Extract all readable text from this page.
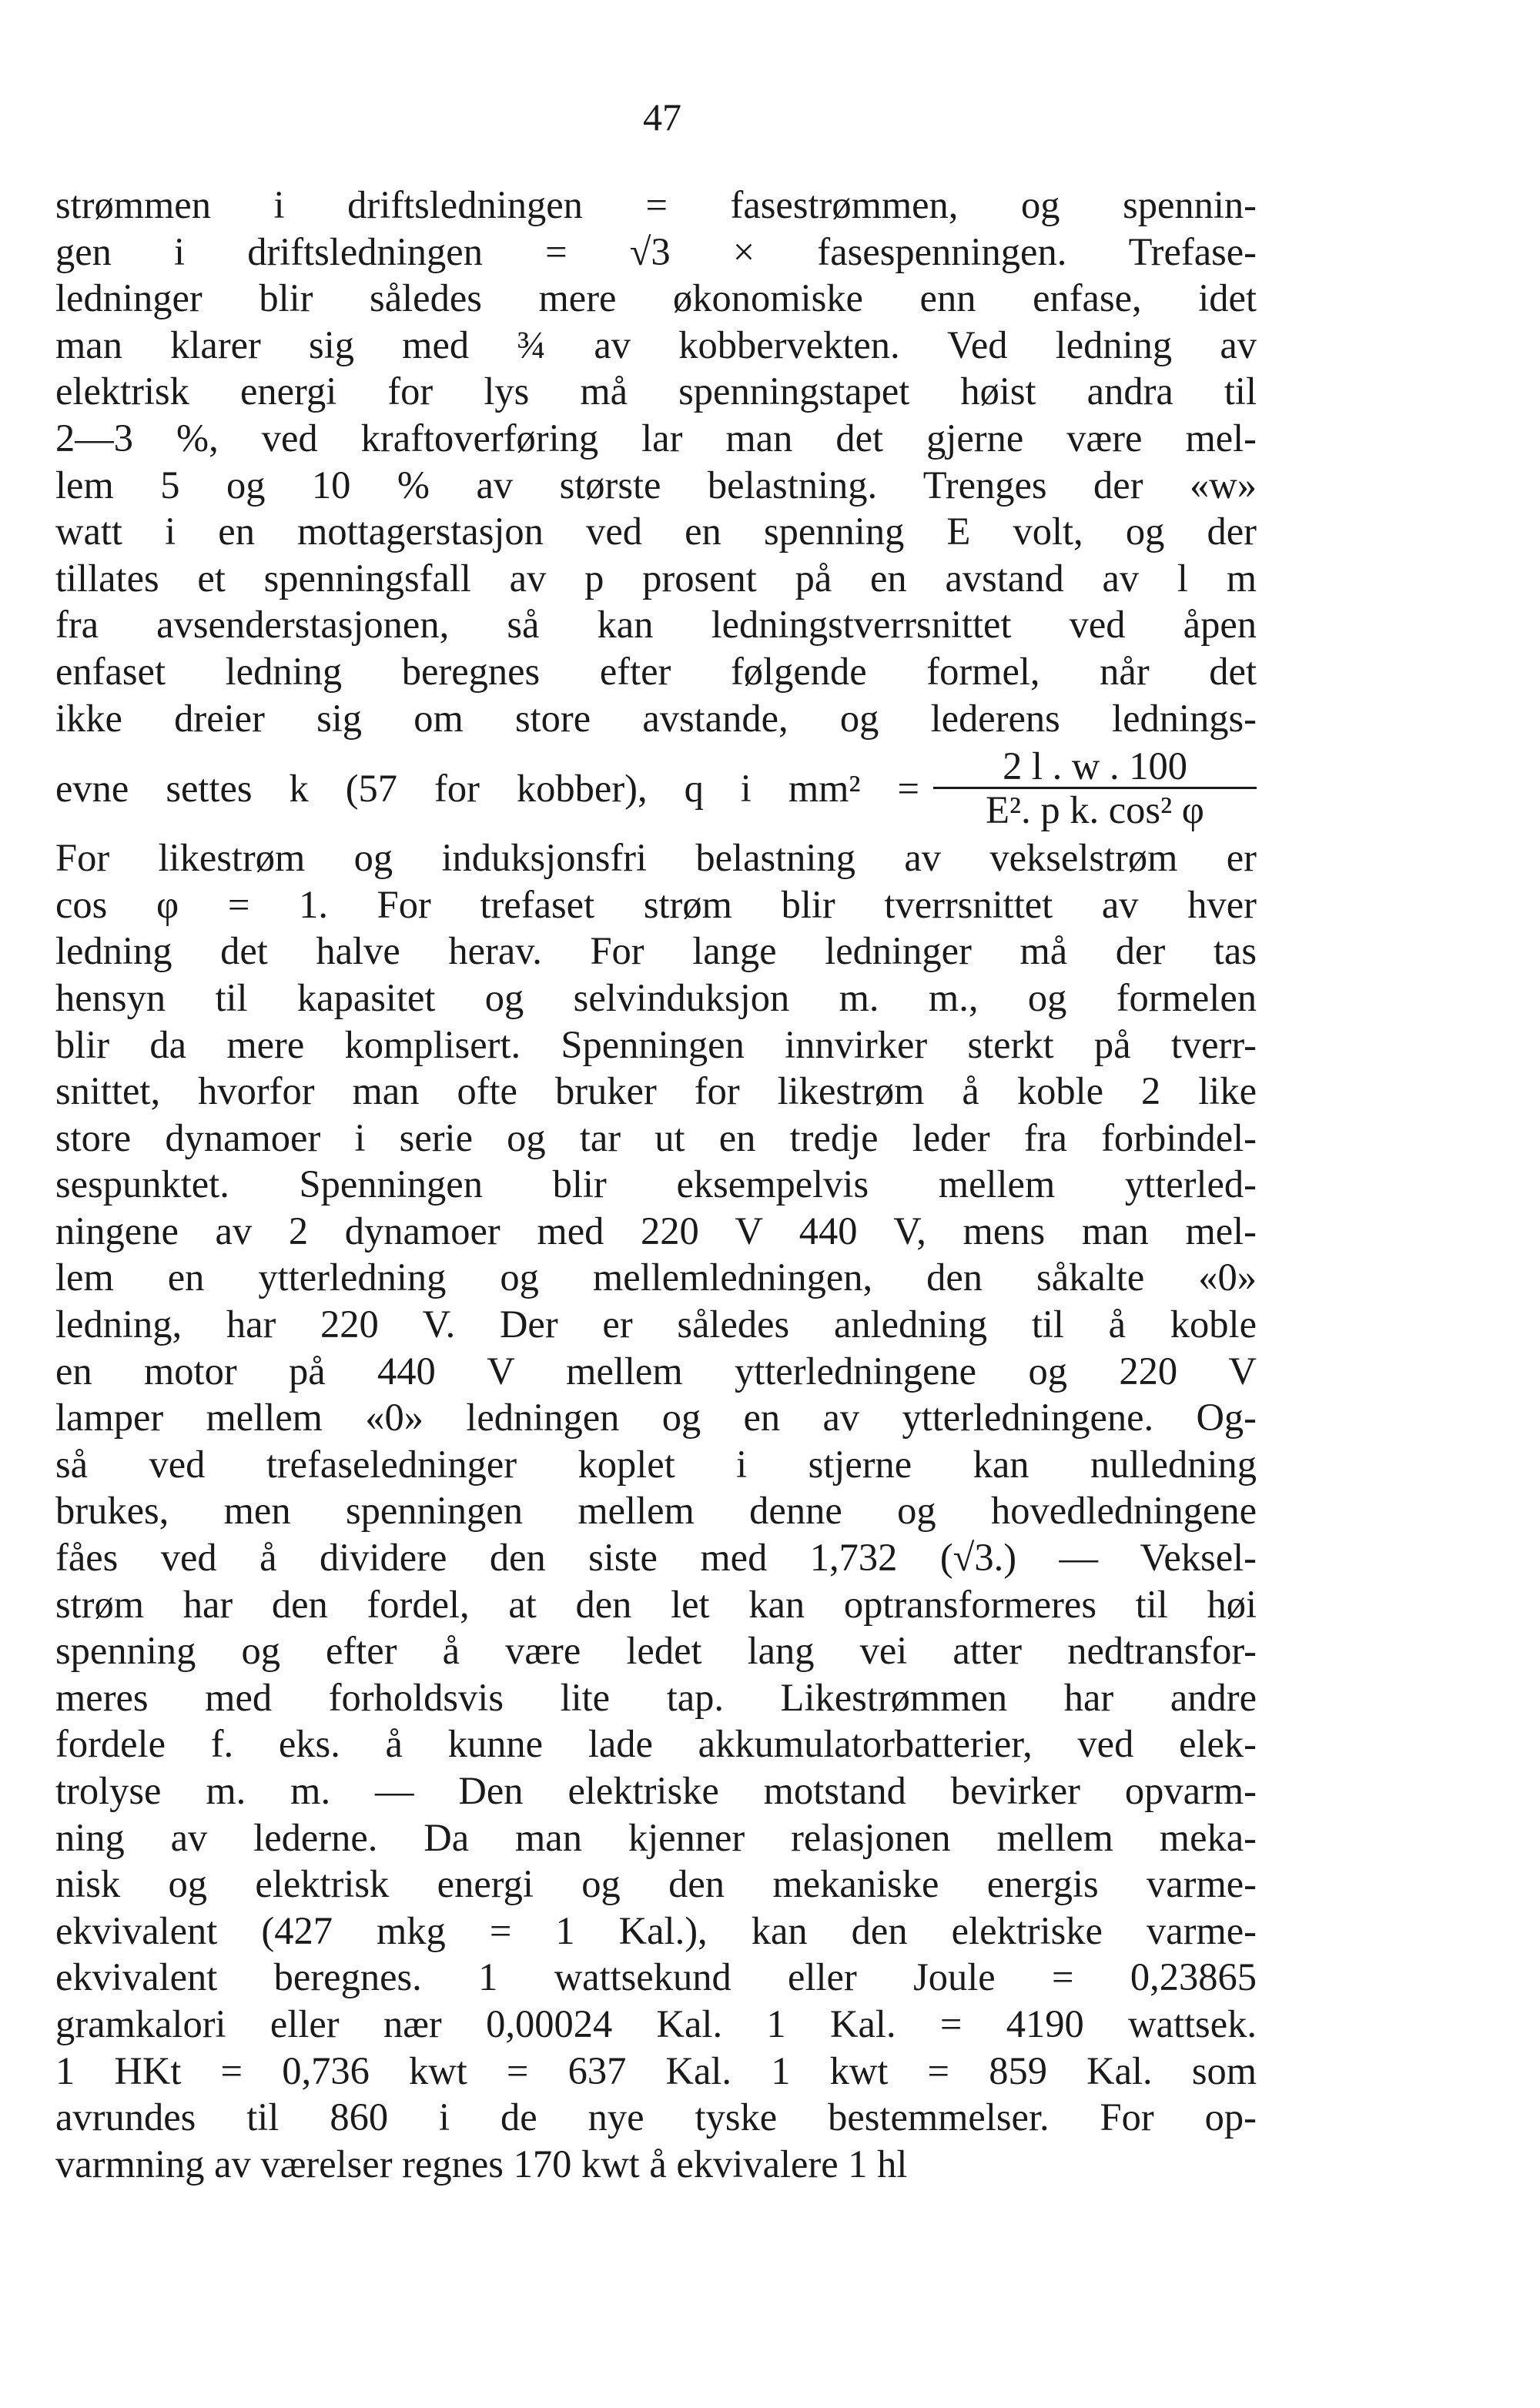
47
strømmen i driftsledningen = fasestrømmen, og spennin-
gen i driftsledningen = √3 × fasespenningen. Trefase-
ledninger blir således mere økonomiske enn enfase, idet
man klarer sig med ¾ av kobbervekten. Ved ledning av
elektrisk energi for lys må spenningstapet høist andra til
2—3 %, ved kraftoverføring lar man det gjerne være mel-
lem 5 og 10 % av største belastning. Trenges der «w»
watt i en mottagerstasjon ved en spenning E volt, og der
tillates et spenningsfall av p prosent på en avstand av l m
fra avsenderstasjonen, så kan ledningstverrsnittet ved åpen
enfaset ledning beregnes efter følgende formel, når det
ikke dreier sig om store avstande, og lederens lednings-
evne settes k (57 for kobber), q i $mm^2 = \frac{2 l . w . 100}{\text{E². p k. cos² φ}}$
For likestrøm og induksjonsfri belastning av vekselstrøm er
cos φ = 1. For trefaset strøm blir tverrsnittet av hver
ledning det halve herav. For lange ledninger må der tas
hensyn til kapasitet og selvinduksjon m. m., og formelen
blir da mere komplisert. Spenningen innvirker sterkt på tverr-
snittet, hvorfor man ofte bruker for likestrøm å koble 2 like
store dynamoer i serie og tar ut en tredje leder fra forbindel-
sespunktet. Spenningen blir eksempelvis mellem ytterled-
ningene av 2 dynamoer med 220 V 440 V, mens man mel-
lem en ytterledning og mellemledningen, den såkalte «0»
ledning, har 220 V. Der er således anledning til å koble
en motor på 440 V mellem ytterledningene og 220 V
lamper mellem «0» ledningen og en av ytterledningene. Og-
så ved trefaseledninger koplet i stjerne kan nulledning
brukes, men spenningen mellem denne og hovedledningene
fåes ved å dividere den siste med 1,732 (√3.) — Veksel-
strøm har den fordel, at den let kan optransformeres til høi
spenning og efter å være ledet lang vei atter nedtransfor-
meres med forholdsvis lite tap. Likestrømmen har andre
fordele f. eks. å kunne lade akkumulatorbatterier, ved elek-
trolyse m. m. — Den elektriske motstand bevirker opvarm-
ning av lederne. Da man kjenner relasjonen mellem meka-
nisk og elektrisk energi og den mekaniske energis varme-
ekvivalent (427 mkg = 1 Kal.), kan den elektriske varme-
ekvivalent beregnes. 1 wattsekund eller Joule = 0,23865
gramkalori eller nær 0,00024 Kal. 1 Kal. = 4190 wattsek.
1 HKt = 0,736 kwt = 637 Kal. 1 kwt = 859 Kal. som
avrundes til 860 i de nye tyske bestemmelser. For op-
varmning av værelser regnes 170 kwt å ekvivalere 1 hl
